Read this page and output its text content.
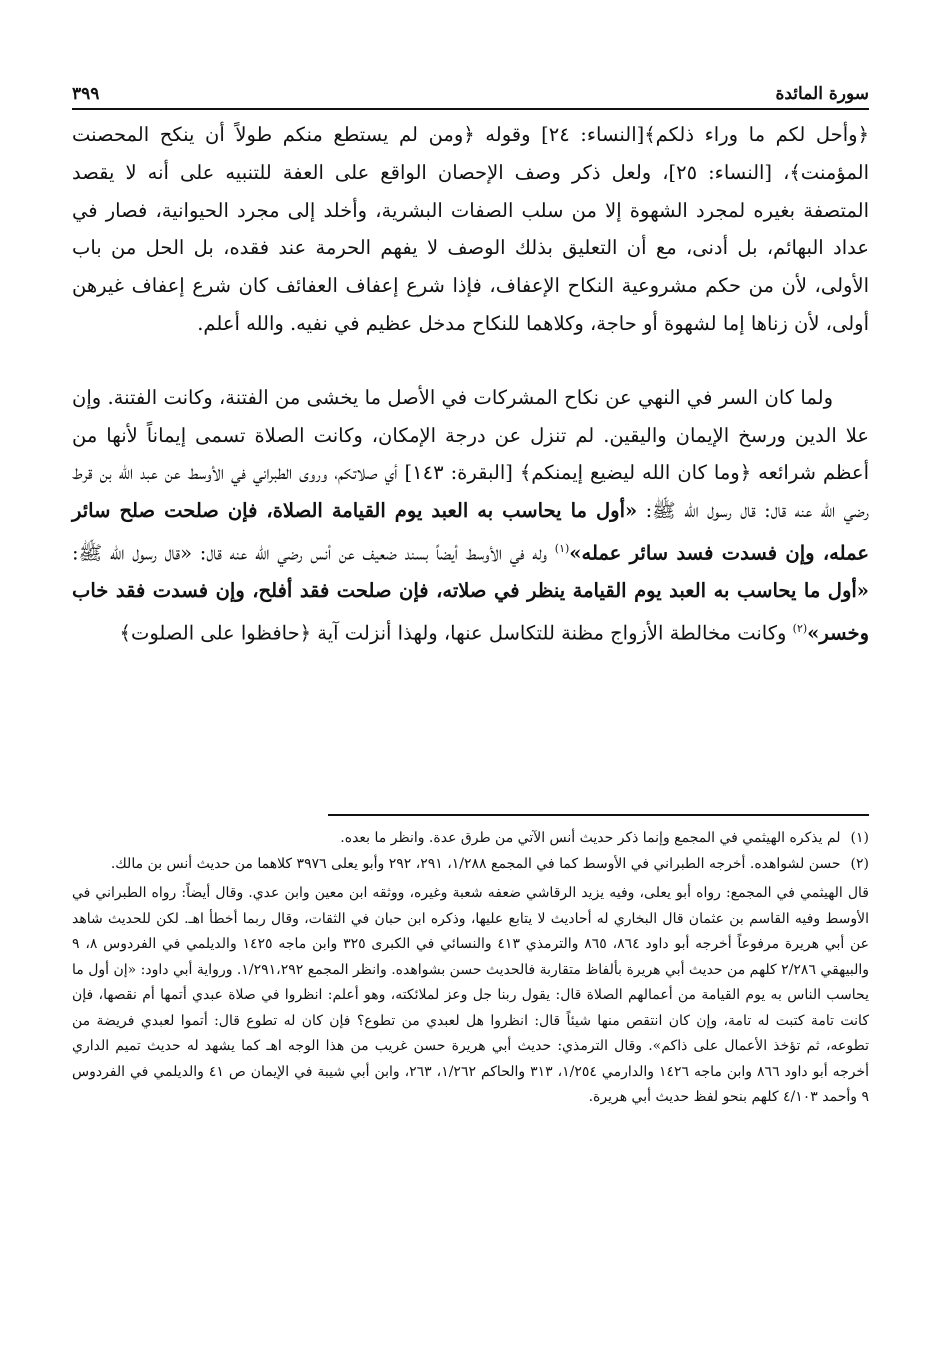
سورة المائدة
٣٩٩

﴿وأحل لكم ما وراء ذلكم﴾[النساء: ٢٤] وقوله ﴿ومن لم يستطع منكم طولاً أن ينكح المحصنت المؤمنت﴾، [النساء: ٢٥]، ولعل ذكر وصف الإحصان الواقع على العفة للتنبيه على أنه لا يقصد المتصفة بغيره لمجرد الشهوة إلا من سلب الصفات البشرية، وأخلد إلى مجرد الحيوانية، فصار في عداد البهائم، بل أدنى، مع أن التعليق بذلك الوصف لا يفهم الحرمة عند فقده، بل الحل من باب الأولى، لأن من حكم مشروعية النكاح الإعفاف، فإذا شرع إعفاف العفائف كان شرع إعفاف غيرهن أولى، لأن زناها إما لشهوة أو حاجة، وكلاهما للنكاح مدخل عظيم في نفيه. والله أعلم.

ولما كان السر في النهي عن نكاح المشركات في الأصل ما يخشى من الفتنة، وكانت الفتنة. وإن علا الدين ورسخ الإيمان واليقين. لم تنزل عن درجة الإمكان، وكانت الصلاة تسمى إيماناً لأنها من أعظم شرائعه ﴿وما كان الله ليضيع إيمنكم﴾ [البقرة: ١٤٣] أي صلاتكم، وروى الطبراني في الأوسط عن عبد الله بن قرط رضي الله عنه قال: قال رسول الله ﷺ: «أول ما يحاسب به العبد يوم القيامة الصلاة، فإن صلحت صلح سائر عمله، وإن فسدت فسد سائر عمله»$^{(١)}$ وله في الأوسط أيضاً بسند ضعيف عن أنس رضي الله عنه قال: «قال رسول الله ﷺ: «أول ما يحاسب به العبد يوم القيامة ينظر في صلاته، فإن صلحت فقد أفلح، وإن فسدت فقد خاب وخسر»$^{(٢)}$ وكانت مخالطة الأزواج مظنة للتكاسل عنها، ولهذا أنزلت آية ﴿حافظوا على الصلوت﴾

(١)
لم يذكره الهيثمي في المجمع وإنما ذكر حديث أنس الآتي من طرق عدة. وانظر ما بعده.
(٢)
حسن لشواهده. أخرجه الطبراني في الأوسط كما في المجمع ١/٢٨٨، ٢٩١، ٢٩٢ وأبو يعلى ٣٩٧٦ كلاهما من حديث أنس بن مالك.

قال الهيثمي في المجمع: رواه أبو يعلى، وفيه يزيد الرقاشي ضعفه شعبة وغيره، ووثقه ابن معين وابن عدي. وقال أيضاً: رواه الطبراني في الأوسط وفيه القاسم بن عثمان قال البخاري له أحاديث لا يتابع عليها، وذكره ابن حبان في الثقات، وقال ربما أخطأ اهـ. لكن للحديث شاهد عن أبي هريرة مرفوعاً أخرجه أبو داود ٨٦٤، ٨٦٥ والترمذي ٤١٣ والنسائي في الكبرى ٣٢٥ وابن ماجه ١٤٢٥ والديلمي في الفردوس ٨، ٩ والبيهقي ٢/٢٨٦ كلهم من حديث أبي هريرة بألفاظ متقاربة فالحديث حسن بشواهده. وانظر المجمع ١/٢٩١،٢٩٢. ورواية أبي داود: «إن أول ما يحاسب الناس به يوم القيامة من أعمالهم الصلاة قال: يقول ربنا جل وعز لملائكته، وهو أعلم: انظروا في صلاة عبدي أتمها أم نقصها، فإن كانت تامة كتبت له تامة، وإن كان انتقص منها شيئاً قال: انظروا هل لعبدي من تطوع؟ فإن كان له تطوع قال: أتموا لعبدي فريضة من تطوعه، ثم تؤخذ الأعمال على ذاكم». وقال الترمذي: حديث أبي هريرة حسن غريب من هذا الوجه اهـ كما يشهد له حديث تميم الداري أخرجه أبو داود ٨٦٦ وابن ماجه ١٤٢٦ والدارمي ١/٢٥٤، ٣١٣ والحاكم ١/٢٦٢، ٢٦٣، وابن أبي شيبة في الإيمان ص ٤١ والديلمي في الفردوس ٩ وأحمد ٤/١٠٣ كلهم بنحو لفظ حديث أبي هريرة.
